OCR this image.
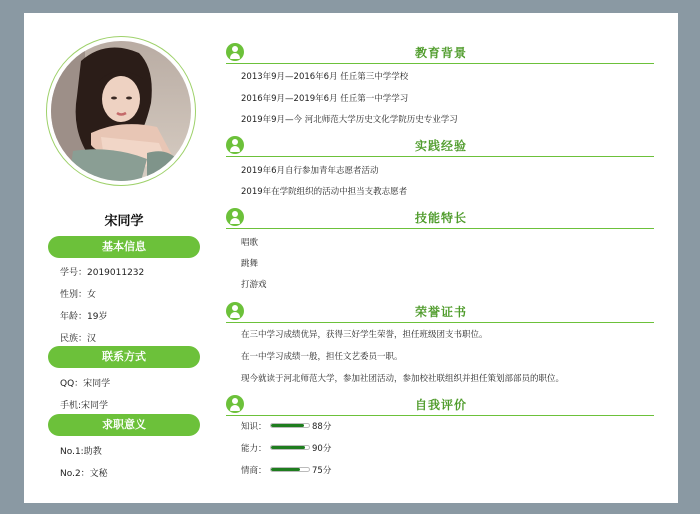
宋同学
基本信息
学号：2019011232
性别：女
年龄：19岁
民族：汉
联系方式
QQ：宋同学
手机:宋同学
求职意义
No.1:助教
No.2：文秘
教育背景
2013年9月—2016年6月 任丘第三中学学校
2016年9月—2019年6月 任丘第一中学学习
2019年9月—今 河北师范大学历史文化学院历史专业学习
实践经验
2019年6月自行参加青年志愿者活动
2019年在学院组织的活动中担当支教志愿者
技能特长
唱歌
跳舞
打游戏
荣誉证书
在三中学习成绩优异，获得三好学生荣誉，担任班级团支书职位。
在一中学习成绩一般，担任文艺委员一职。
现今就读于河北师范大学，参加社团活动，参加校社联组织并担任策划部部员的职位。
自我评价
知识：	88分
能力：	90分
情商：	75分
